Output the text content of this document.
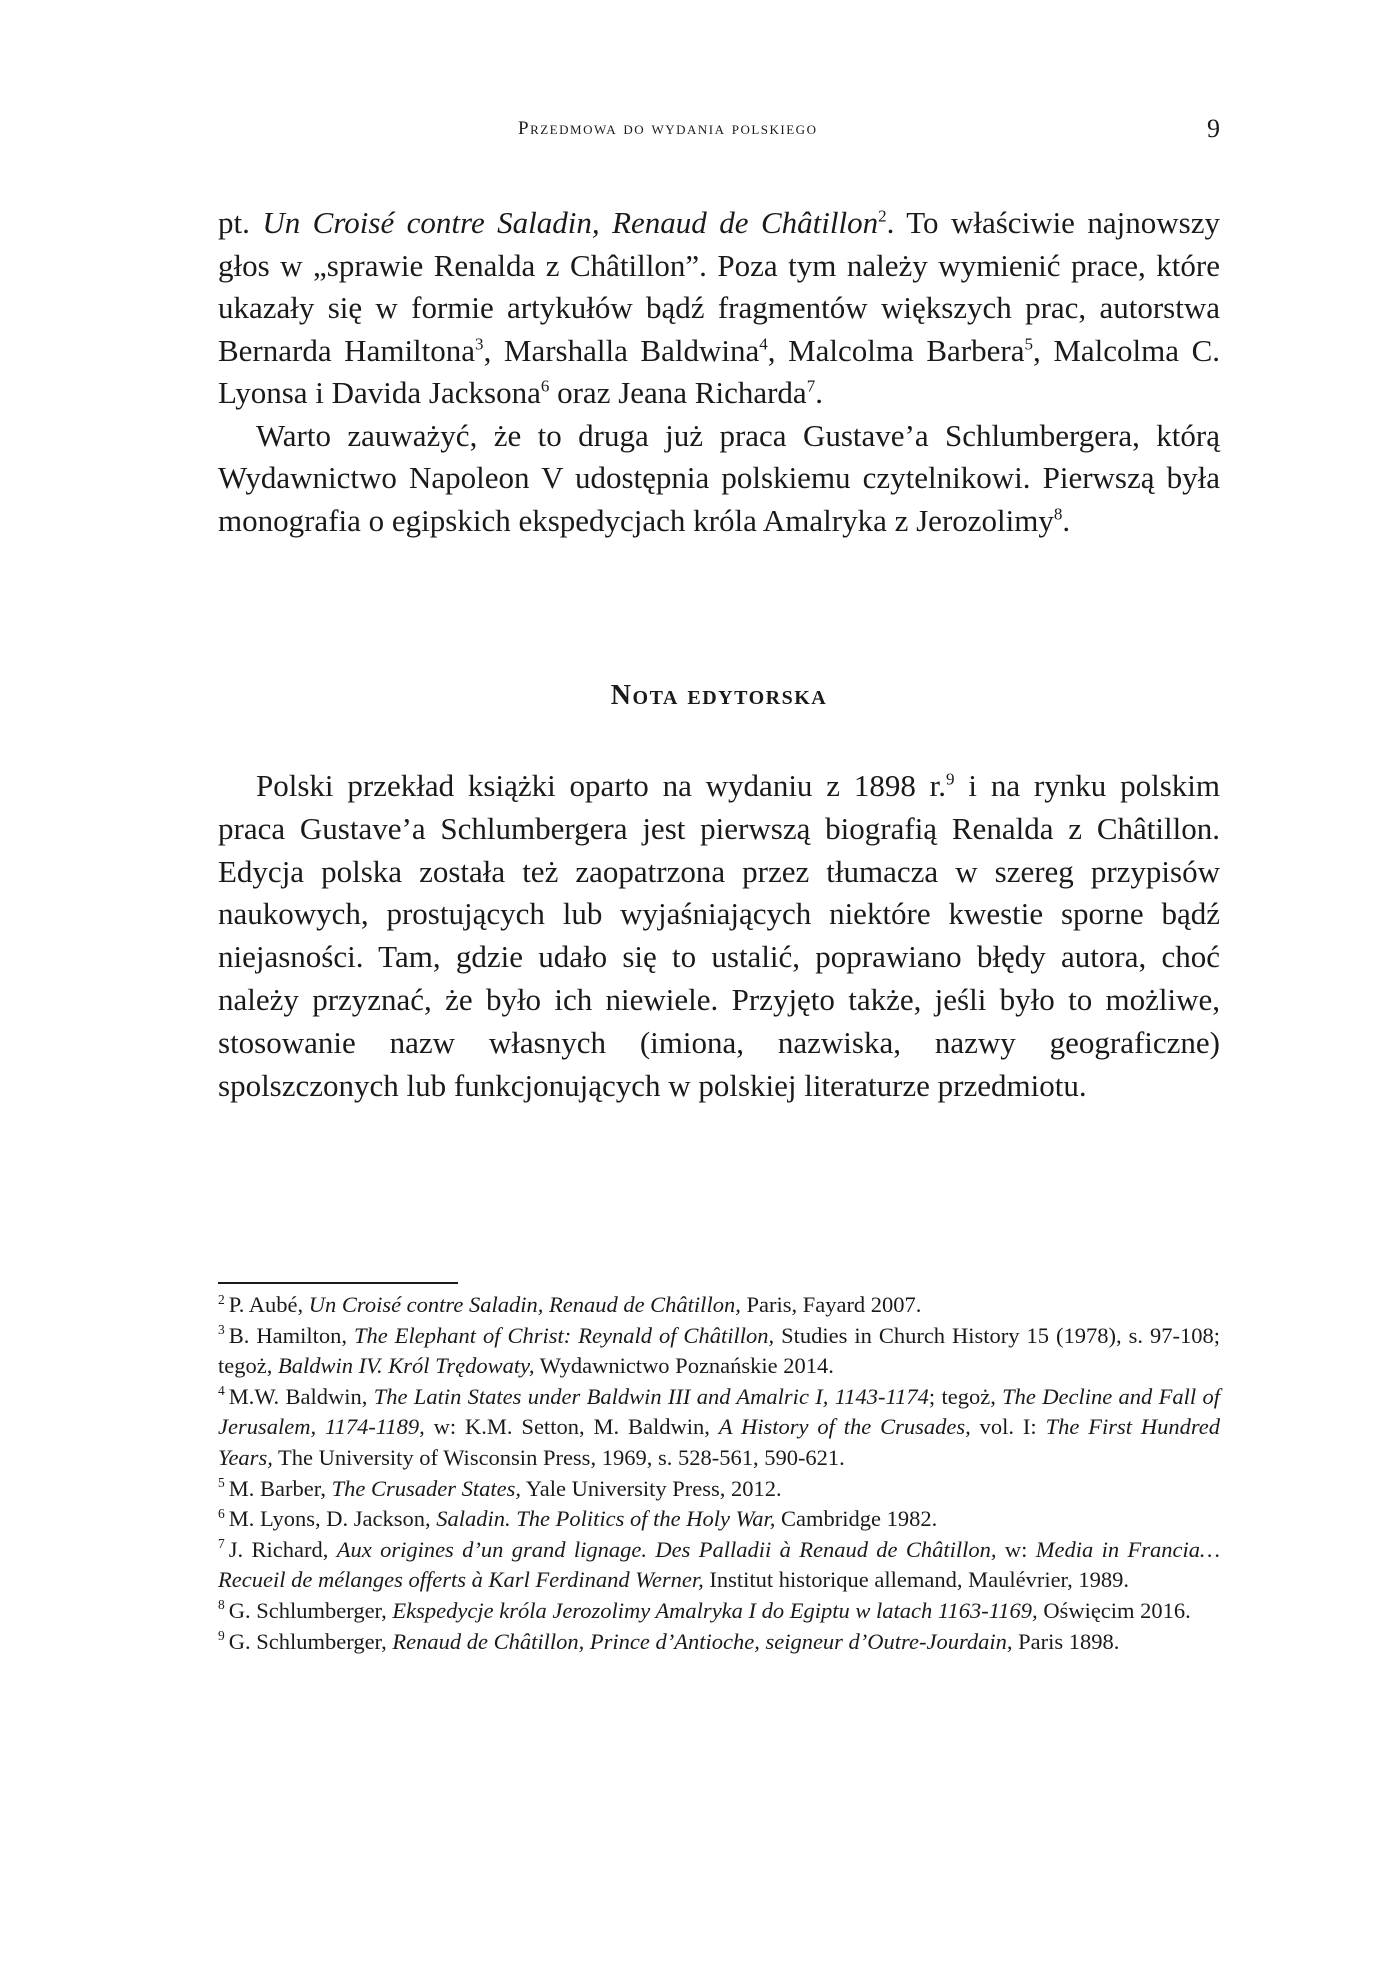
Przedmowa do wydania polskiego	9

pt. Un Croisé contre Saladin, Renaud de Châtillon$^2$. To właściwie najnowszy głos w „sprawie Renalda z Châtillon”. Poza tym należy wymienić prace, które ukazały się w formie artykułów bądź fragmentów większych prac, autorstwa Bernarda Hamiltona$^3$, Marshalla Baldwina$^4$, Malcolma Barbera$^5$, Malcolma C. Lyonsa i Davida Jacksona$^6$ oraz Jeana Richarda$^7$.

Warto zauważyć, że to druga już praca Gustave’a Schlumbergera, którą Wydawnictwo Napoleon V udostępnia polskiemu czytelnikowi. Pierwszą była monografia o egipskich ekspedycjach króla Amalryka z Jerozolimy$^8$.

Nota edytorska

Polski przekład książki oparto na wydaniu z 1898 r.$^9$ i na rynku polskim praca Gustave’a Schlumbergera jest pierwszą biografią Renalda z Châtillon. Edycja polska została też zaopatrzona przez tłumacza w szereg przypisów naukowych, prostujących lub wyjaśniających niektóre kwestie sporne bądź niejasności. Tam, gdzie udało się to ustalić, poprawiano błędy autora, choć należy przyznać, że było ich niewiele. Przyjęto także, jeśli było to możliwe, stosowanie nazw własnych (imiona, nazwiska, nazwy geograficzne) spolszczonych lub funkcjonujących w polskiej literaturze przedmiotu.

$^2$ P. Aubé, Un Croisé contre Saladin, Renaud de Châtillon, Paris, Fayard 2007.

$^3$ B. Hamilton, The Elephant of Christ: Reynald of Châtillon, Studies in Church History 15 (1978), s. 97-108; tegoż, Baldwin IV. Król Trędowaty, Wydawnictwo Poznańskie 2014.

$^4$ M.W. Baldwin, The Latin States under Baldwin III and Amalric I, 1143-1174; tegoż, The Decline and Fall of Jerusalem, 1174-1189, w: K.M. Setton, M. Baldwin, A History of the Crusades, vol. I: The First Hundred Years, The University of Wisconsin Press, 1969, s. 528-561, 590-621.

$^5$ M. Barber, The Crusader States, Yale University Press, 2012.

$^6$ M. Lyons, D. Jackson, Saladin. The Politics of the Holy War, Cambridge 1982.

$^7$ J. Richard, Aux origines d’un grand lignage. Des Palladii à Renaud de Châtillon, w: Media in Francia… Recueil de mélanges offerts à Karl Ferdinand Werner, Institut historique allemand, Maulévrier, 1989.

$^8$ G. Schlumberger, Ekspedycje króla Jerozolimy Amalryka I do Egiptu w latach 1163-1169, Oświęcim 2016.

$^9$ G. Schlumberger, Renaud de Châtillon, Prince d’Antioche, seigneur d’Outre-Jourdain, Paris 1898.
